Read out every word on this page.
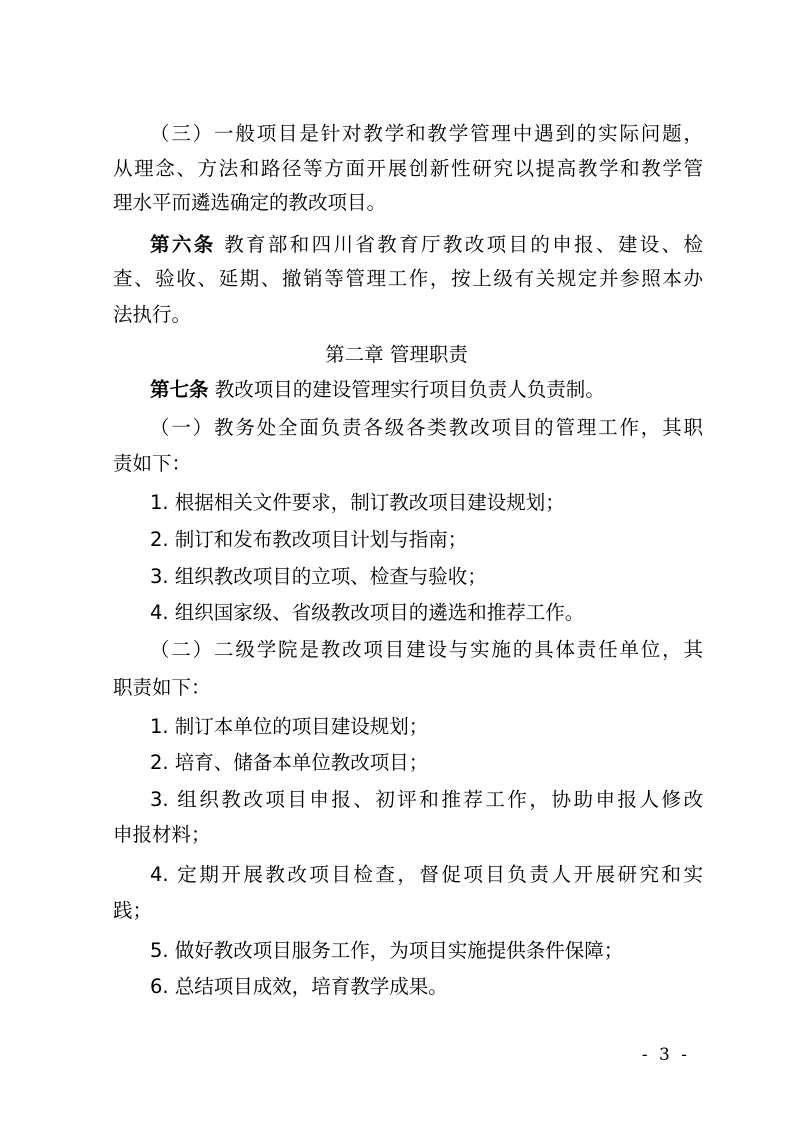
（三）一般项目是针对教学和教学管理中遇到的实际问题，
从理念、方法和路径等方面开展创新性研究以提高教学和教学管
理水平而遴选确定的教改项目。
第六条 教育部和四川省教育厅教改项目的申报、建设、检
查、验收、延期、撤销等管理工作，按上级有关规定并参照本办
法执行。
第二章 管理职责
第七条 教改项目的建设管理实行项目负责人负责制。
（一）教务处全面负责各级各类教改项目的管理工作，其职
责如下：
1. 根据相关文件要求，制订教改项目建设规划；
2. 制订和发布教改项目计划与指南；
3. 组织教改项目的立项、检查与验收；
4. 组织国家级、省级教改项目的遴选和推荐工作。
（二）二级学院是教改项目建设与实施的具体责任单位，其
职责如下：
1. 制订本单位的项目建设规划；
2. 培育、储备本单位教改项目；
3. 组织教改项目申报、初评和推荐工作，协助申报人修改
申报材料；
4. 定期开展教改项目检查，督促项目负责人开展研究和实
践；
5. 做好教改项目服务工作，为项目实施提供条件保障；
6. 总结项目成效，培育教学成果。
- 3 -
